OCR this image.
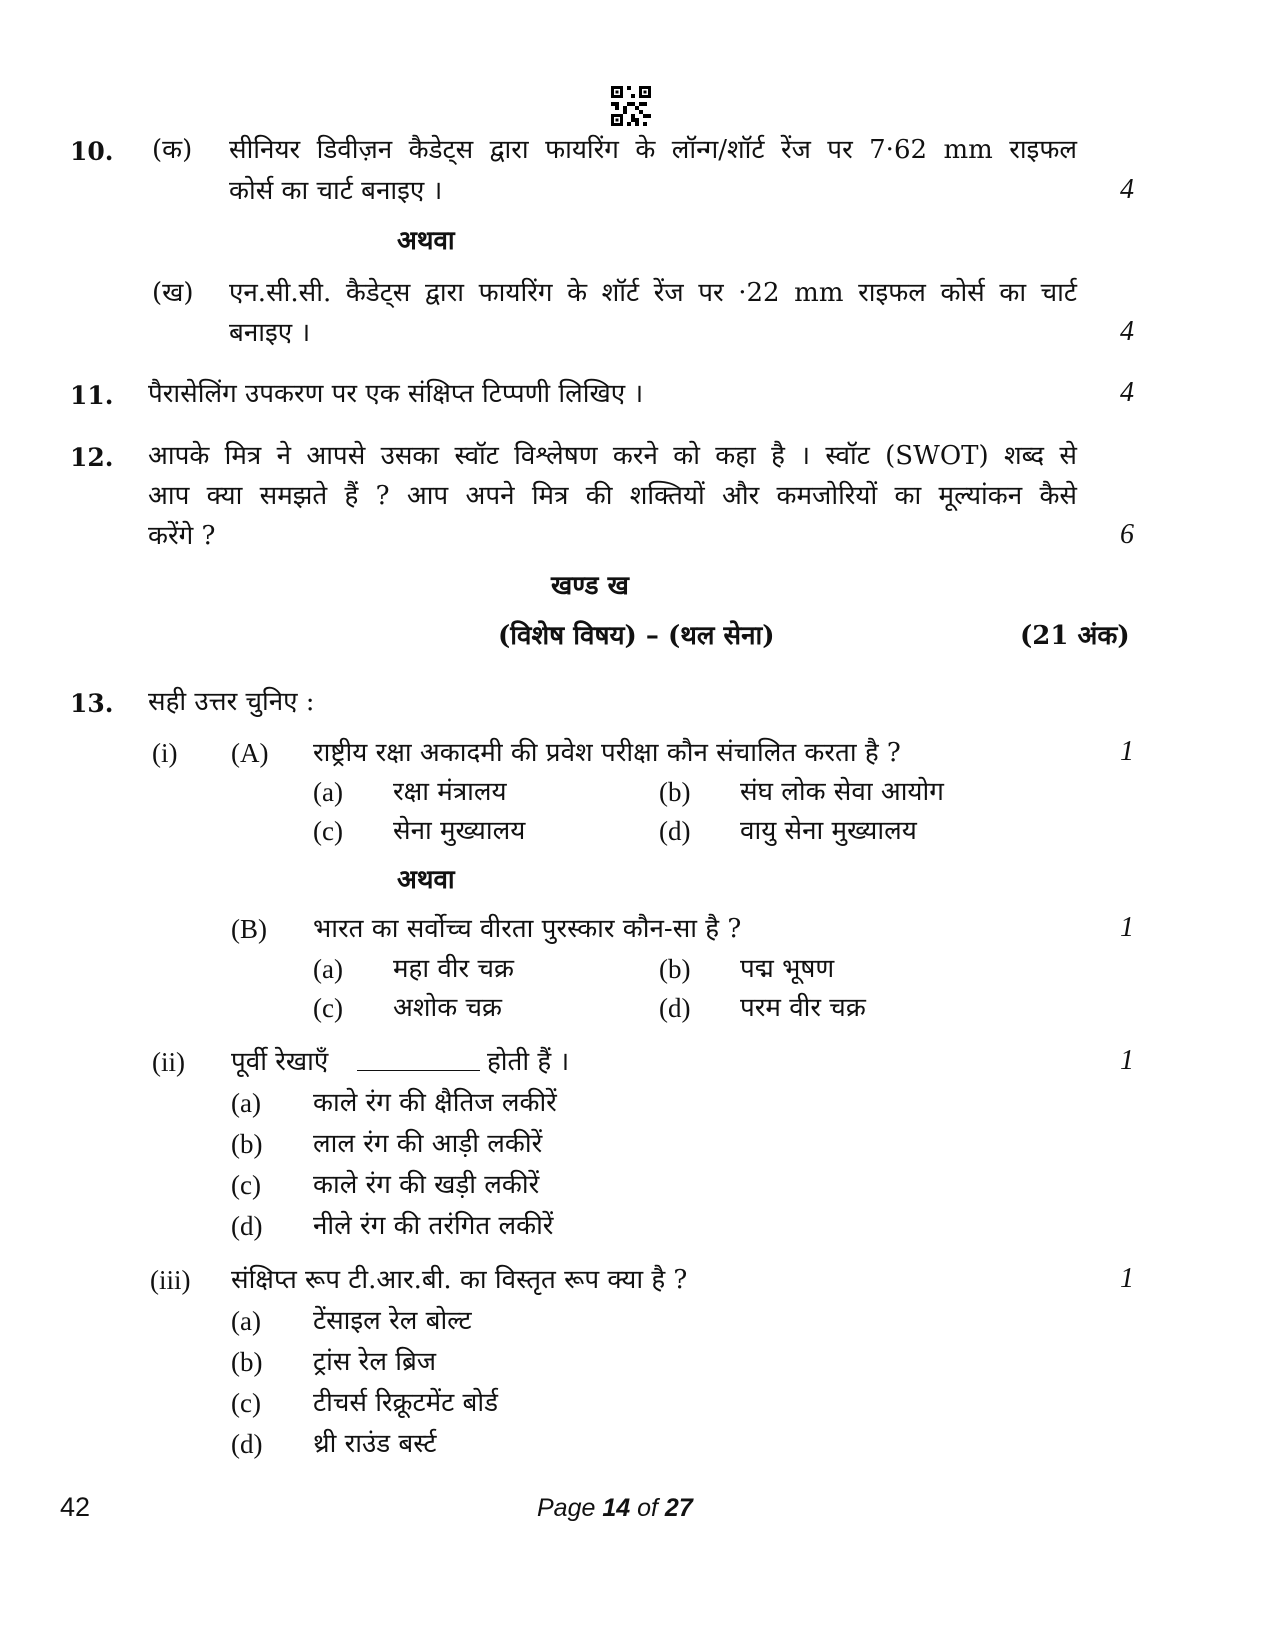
10. (क) सीनियर डिवीज़न कैडेट्स द्वारा फायरिंग के लॉन्ग/शॉर्ट रेंज पर 7·62 mm राइफल
कोर्स का चार्ट बनाइए ।	4
अथवा
(ख) एन.सी.सी. कैडेट्स द्वारा फायरिंग के शॉर्ट रेंज पर ·22 mm राइफल कोर्स का चार्ट
बनाइए ।	4
11. पैरासेलिंग उपकरण पर एक संक्षिप्त टिप्पणी लिखिए ।	4
12. आपके मित्र ने आपसे उसका स्वॉट विश्लेषण करने को कहा है । स्वॉट (SWOT) शब्द से
आप क्या समझते हैं ? आप अपने मित्र की शक्तियों और कमजोरियों का मूल्यांकन कैसे
करेंगे ?	6
खण्ड ख
(विशेष विषय) – (थल सेना)	(21 अंक)
13. सही उत्तर चुनिए :
(i) (A) राष्ट्रीय रक्षा अकादमी की प्रवेश परीक्षा कौन संचालित करता है ?	1
(a) रक्षा मंत्रालय	(b) संघ लोक सेवा आयोग
(c) सेना मुख्यालय	(d) वायु सेना मुख्यालय
अथवा
(B) भारत का सर्वोच्च वीरता पुरस्कार कौन-सा है ?	1
(a) महा वीर चक्र	(b) पद्म भूषण
(c) अशोक चक्र	(d) परम वीर चक्र
(ii) पूर्वी रेखाएँ	होती हैं ।	1
(a) काले रंग की क्षैतिज लकीरें
(b) लाल रंग की आड़ी लकीरें
(c) काले रंग की खड़ी लकीरें
(d) नीले रंग की तरंगित लकीरें
(iii) संक्षिप्त रूप टी.आर.बी. का विस्तृत रूप क्या है ?	1
(a) टेंसाइल रेल बोल्ट
(b) ट्रांस रेल ब्रिज
(c) टीचर्स रिक्रूटमेंट बोर्ड
(d) थ्री राउंड बर्स्ट
42	Page 14 of 27
